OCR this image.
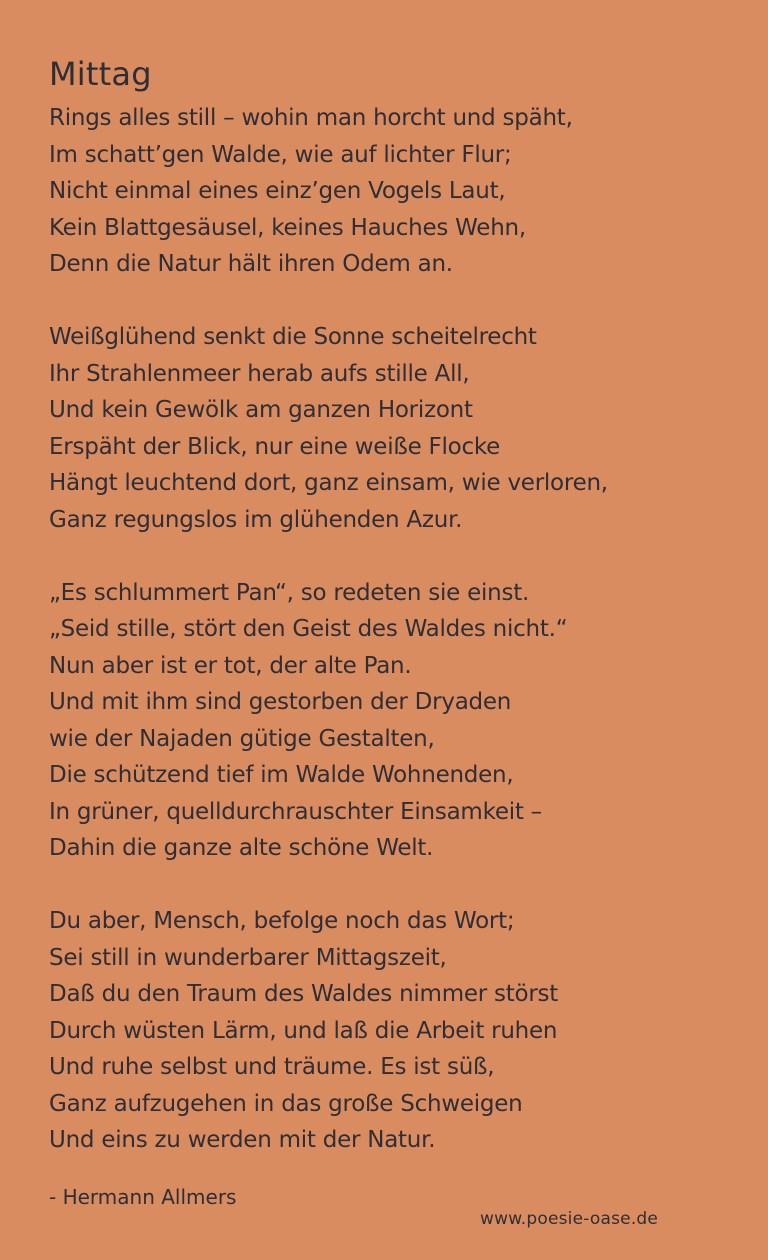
Mittag
Rings alles still – wohin man horcht und späht,
Im schatt’gen Walde, wie auf lichter Flur;
Nicht einmal eines einz’gen Vogels Laut,
Kein Blattgesäusel, keines Hauches Wehn,
Denn die Natur hält ihren Odem an.
Weißglühend senkt die Sonne scheitelrecht
Ihr Strahlenmeer herab aufs stille All,
Und kein Gewölk am ganzen Horizont
Erspäht der Blick, nur eine weiße Flocke
Hängt leuchtend dort, ganz einsam, wie verloren,
Ganz regungslos im glühenden Azur.
„Es schlummert Pan“, so redeten sie einst.
„Seid stille, stört den Geist des Waldes nicht.“
Nun aber ist er tot, der alte Pan.
Und mit ihm sind gestorben der Dryaden
wie der Najaden gütige Gestalten,
Die schützend tief im Walde Wohnenden,
In grüner, quelldurchrauschter Einsamkeit –
Dahin die ganze alte schöne Welt.
Du aber, Mensch, befolge noch das Wort;
Sei still in wunderbarer Mittagszeit,
Daß du den Traum des Waldes nimmer störst
Durch wüsten Lärm, und laß die Arbeit ruhen
Und ruhe selbst und träume. Es ist süß,
Ganz aufzugehen in das große Schweigen
Und eins zu werden mit der Natur.
- Hermann Allmers
www.poesie-oase.de
